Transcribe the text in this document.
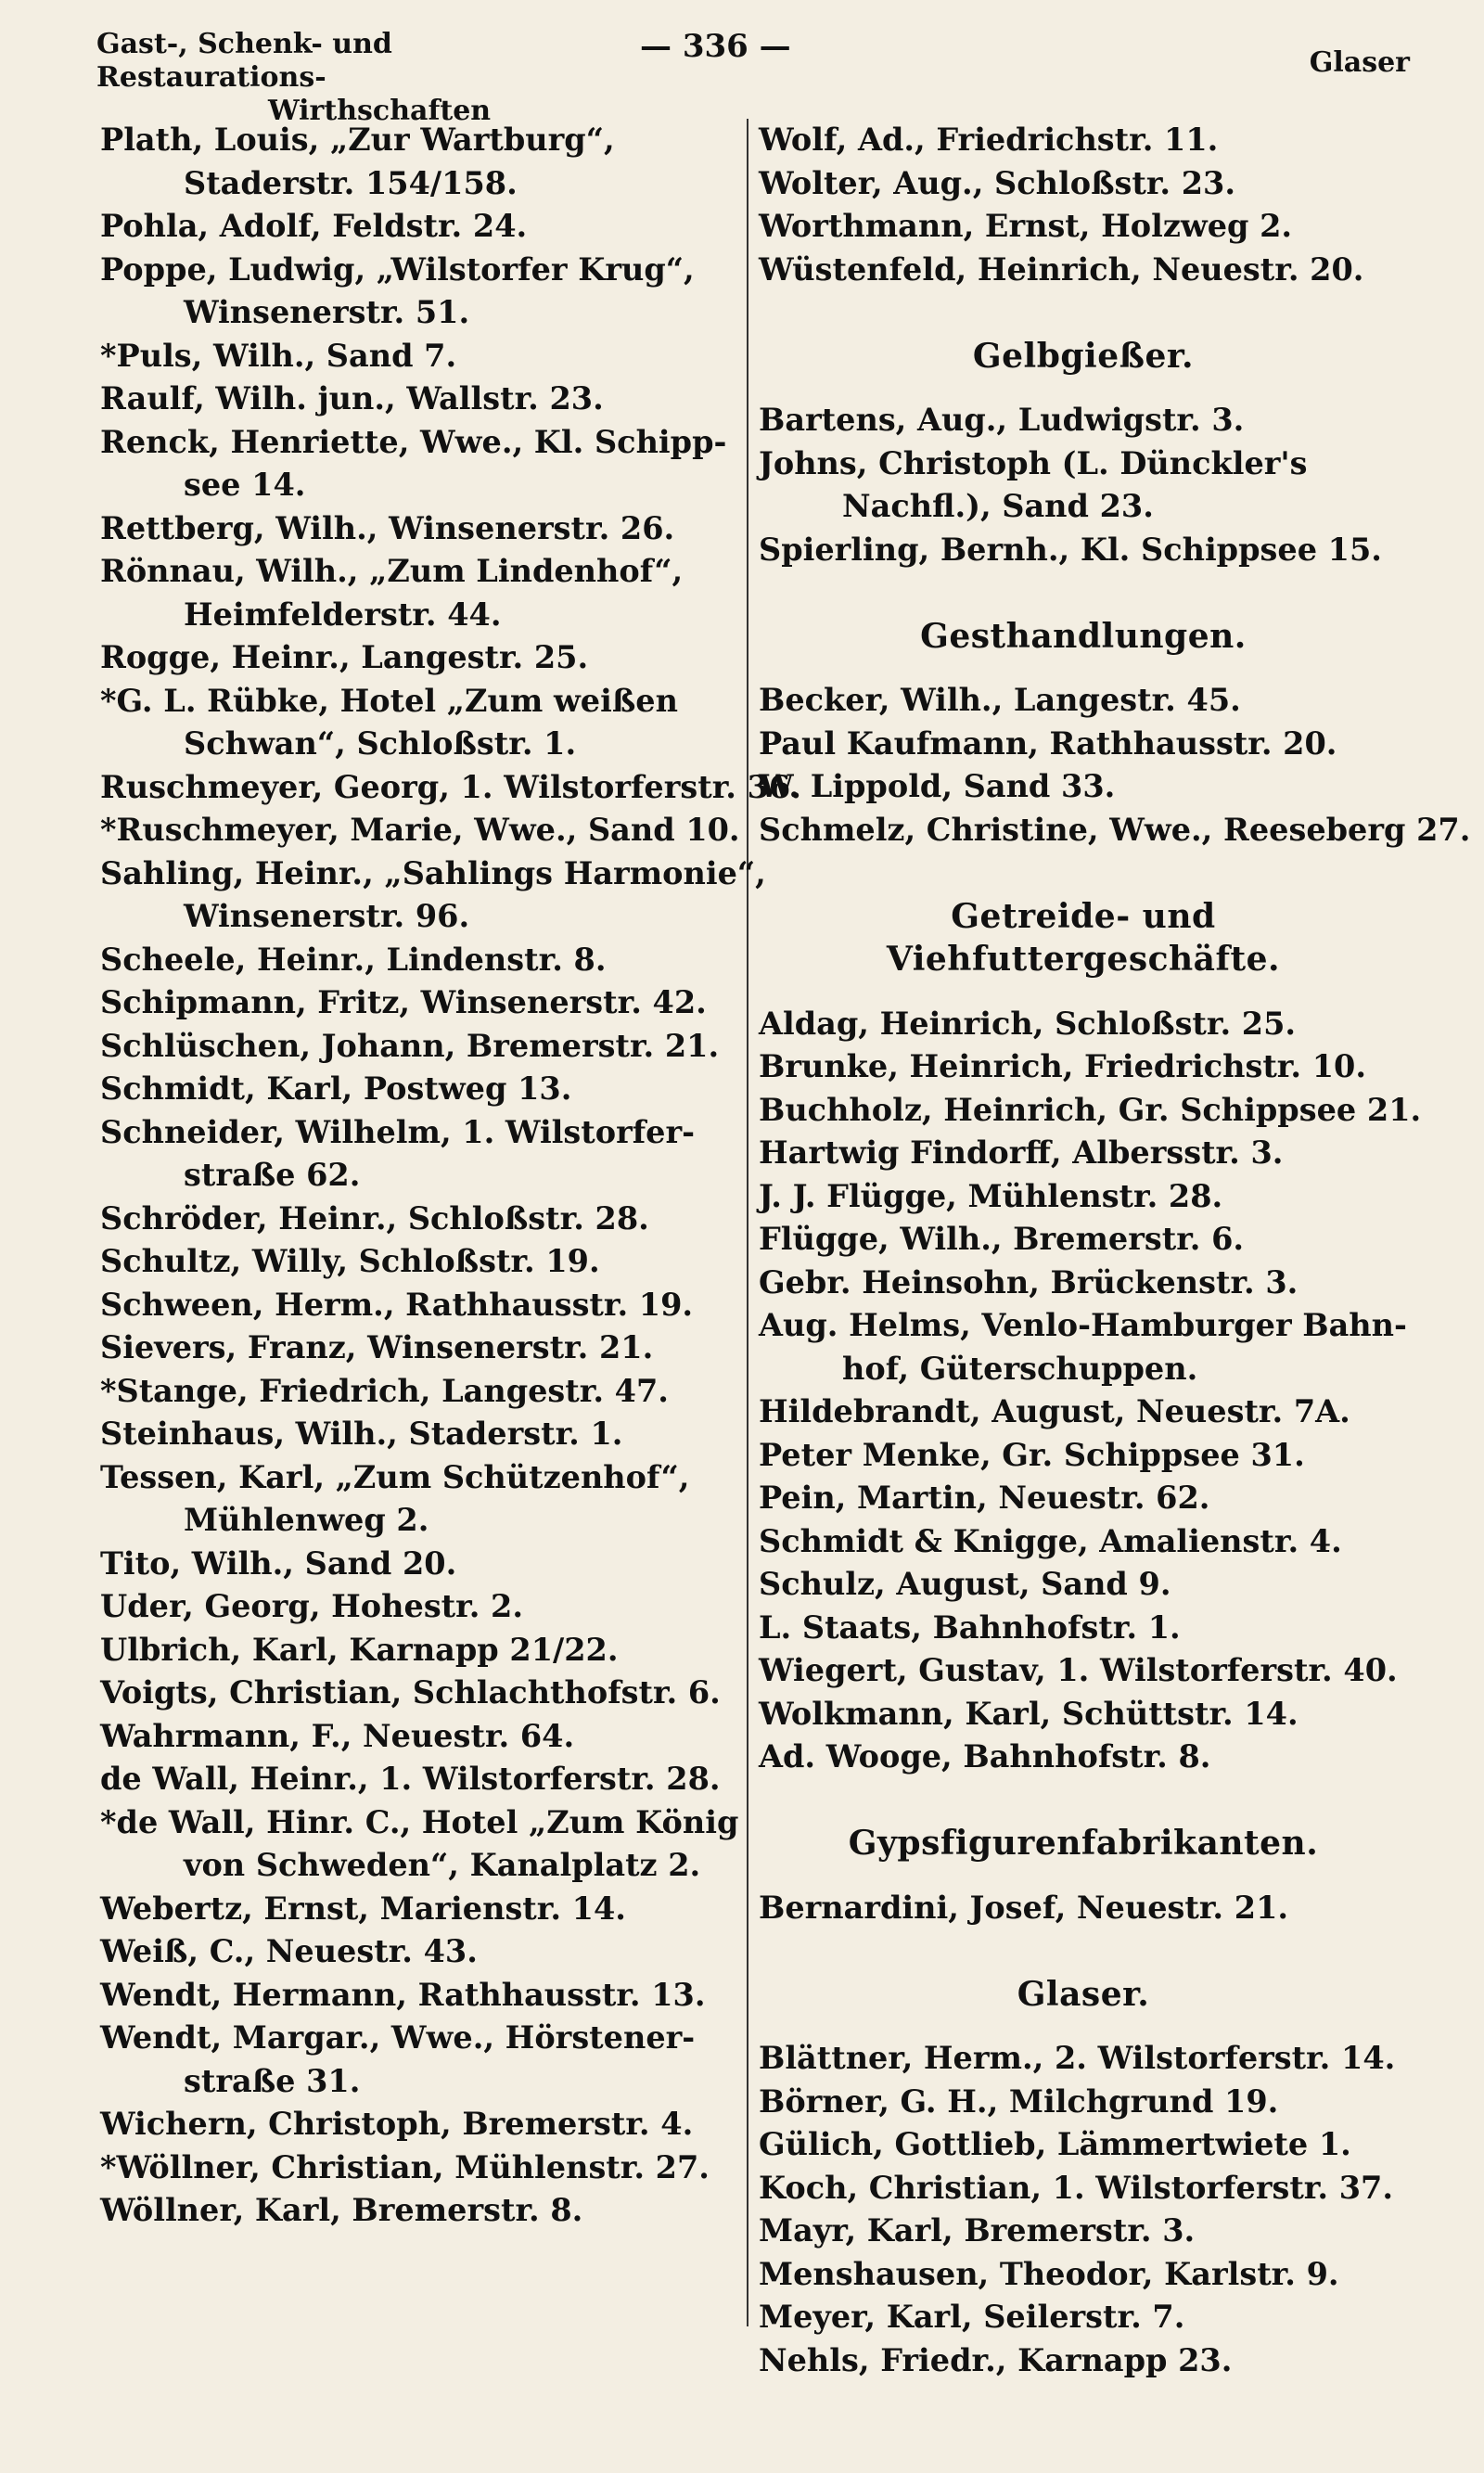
Gast-, Schenk- und Restaurations-
Wirthschaften
— 336 —	Glaser
Plath, Louis, „Zur Wartburg“,
Staderstr. 154/158.
Pohla, Adolf, Feldstr. 24.
Poppe, Ludwig, „Wilstorfer Krug“,
Winsenerstr. 51.
*Puls, Wilh., Sand 7.
Raulf, Wilh. jun., Wallstr. 23.
Renck, Henriette, Wwe., Kl. Schipp-
see 14.
Rettberg, Wilh., Winsenerstr. 26.
Rönnau, Wilh., „Zum Lindenhof“,
Heimfelderstr. 44.
Rogge, Heinr., Langestr. 25.
*G. L. Rübke, Hotel „Zum weißen
Schwan“, Schloßstr. 1.
Ruschmeyer, Georg, 1. Wilstorferstr. 36.
*Ruschmeyer, Marie, Wwe., Sand 10.
Sahling, Heinr., „Sahlings Harmonie“,
Winsenerstr. 96.
Scheele, Heinr., Lindenstr. 8.
Schipmann, Fritz, Winsenerstr. 42.
Schlüschen, Johann, Bremerstr. 21.
Schmidt, Karl, Postweg 13.
Schneider, Wilhelm, 1. Wilstorfer-
straße 62.
Schröder, Heinr., Schloßstr. 28.
Schultz, Willy, Schloßstr. 19.
Schween, Herm., Rathhausstr. 19.
Sievers, Franz, Winsenerstr. 21.
*Stange, Friedrich, Langestr. 47.
Steinhaus, Wilh., Staderstr. 1.
Tessen, Karl, „Zum Schützenhof“,
Mühlenweg 2.
Tito, Wilh., Sand 20.
Uder, Georg, Hohestr. 2.
Ulbrich, Karl, Karnapp 21/22.
Voigts, Christian, Schlachthofstr. 6.
Wahrmann, F., Neuestr. 64.
de Wall, Heinr., 1. Wilstorferstr. 28.
*de Wall, Hinr. C., Hotel „Zum König
von Schweden“, Kanalplatz 2.
Webertz, Ernst, Marienstr. 14.
Weiß, C., Neuestr. 43.
Wendt, Hermann, Rathhausstr. 13.
Wendt, Margar., Wwe., Hörstener-
straße 31.
Wichern, Christoph, Bremerstr. 4.
*Wöllner, Christian, Mühlenstr. 27.
Wöllner, Karl, Bremerstr. 8.
Wolf, Ad., Friedrichstr. 11.
Wolter, Aug., Schloßstr. 23.
Worthmann, Ernst, Holzweg 2.
Wüstenfeld, Heinrich, Neuestr. 20.
Gelbgießer.
Bartens, Aug., Ludwigstr. 3.
Johns, Christoph (L. Dünckler's
Nachfl.), Sand 23.
Spierling, Bernh., Kl. Schippsee 15.
Gesthandlungen.
Becker, Wilh., Langestr. 45.
Paul Kaufmann, Rathhausstr. 20.
W. Lippold, Sand 33.
Schmelz, Christine, Wwe., Reeseberg 27.
Getreide- und Viehfuttergeschäfte.
Aldag, Heinrich, Schloßstr. 25.
Brunke, Heinrich, Friedrichstr. 10.
Buchholz, Heinrich, Gr. Schippsee 21.
Hartwig Findorff, Albersstr. 3.
J. J. Flügge, Mühlenstr. 28.
Flügge, Wilh., Bremerstr. 6.
Gebr. Heinsohn, Brückenstr. 3.
Aug. Helms, Venlo-Hamburger Bahn-
hof, Güterschuppen.
Hildebrandt, August, Neuestr. 7A.
Peter Menke, Gr. Schippsee 31.
Pein, Martin, Neuestr. 62.
Schmidt & Knigge, Amalienstr. 4.
Schulz, August, Sand 9.
L. Staats, Bahnhofstr. 1.
Wiegert, Gustav, 1. Wilstorferstr. 40.
Wolkmann, Karl, Schüttstr. 14.
Ad. Wooge, Bahnhofstr. 8.
Gypsfigurenfabrikanten.
Bernardini, Josef, Neuestr. 21.
Glaser.
Blättner, Herm., 2. Wilstorferstr. 14.
Börner, G. H., Milchgrund 19.
Gülich, Gottlieb, Lämmertwiete 1.
Koch, Christian, 1. Wilstorferstr. 37.
Mayr, Karl, Bremerstr. 3.
Menshausen, Theodor, Karlstr. 9.
Meyer, Karl, Seilerstr. 7.
Nehls, Friedr., Karnapp 23.
